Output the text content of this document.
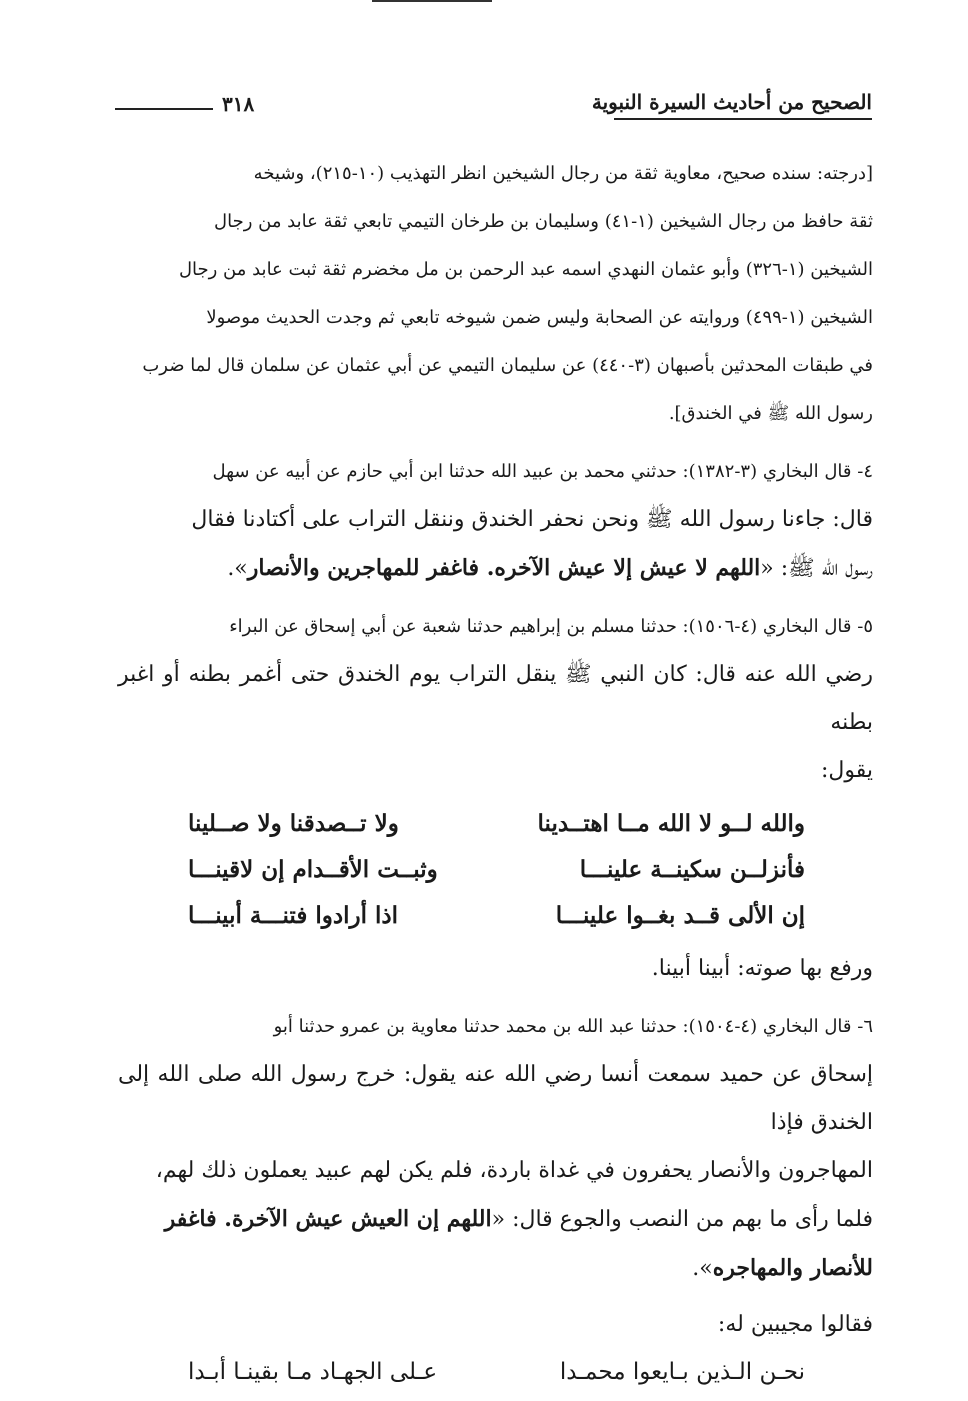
الصحيح من أحاديث السيرة النبوية
٣١٨

[درجته: سنده صحيح، معاوية ثقة من رجال الشيخين انظر التهذيب (١٠-٢١٥)، وشيخه

ثقة حافظ من رجال الشيخين (١-٤١) وسليمان بن طرخان التيمي تابعي ثقة عابد من رجال

الشيخين (١-٣٢٦) وأبو عثمان النهدي اسمه عبد الرحمن بن مل مخضرم ثقة ثبت عابد من رجال

الشيخين (١-٤٩٩) وروايته عن الصحابة وليس ضمن شيوخه تابعي ثم وجدت الحديث موصولا

في طبقات المحدثين بأصبهان (٣-٤٤٠) عن سليمان التيمي عن أبي عثمان عن سلمان قال لما ضرب

رسول الله ﷺ في الخندق].

٤- قال البخاري (٣-١٣٨٢): حدثني محمد بن عبيد الله حدثنا ابن أبي حازم عن أبيه عن سهل

قال: جاءنا رسول الله ﷺ ونحن نحفر الخندق وننقل التراب على أكتادنا فقال

رسول الله ﷺ: «اللهم لا عيش إلا عيش الآخره. فاغفر للمهاجرين والأنصار».

٥- قال البخاري (٤-١٥٠٦): حدثنا مسلم بن إبراهيم حدثنا شعبة عن أبي إسحاق عن البراء

رضي الله عنه قال: كان النبي ﷺ ينقل التراب يوم الخندق حتى أغمر بطنه أو اغبر بطنه

يقول:

والله لــو لا الله مــا اهتــدينا
ولا تــصدقنا ولا صــلينا
فأنزلــن سكينــة علينـــا
وثبــت الأقــدام إن لاقينـــا
إن الألى قــد بغــوا علينـــا
اذا أرادوا فتنـــة أبينـــا

ورفع بها صوته: أبينا أبينا.

٦- قال البخاري (٤-١٥٠٤): حدثنا عبد الله بن محمد حدثنا معاوية بن عمرو حدثنا أبو

إسحاق عن حميد سمعت أنسا رضي الله عنه يقول: خرج رسول الله صلى الله إلى الخندق فإذا

المهاجرون والأنصار يحفرون في غداة باردة، فلم يكن لهم عبيد يعملون ذلك لهم،

فلما رأى ما بهم من النصب والجوع قال: «اللهم إن العيش عيش الآخرة. فاغفر

للأنصار والمهاجره».

فقالوا مجيبين له:

نحـن الـذين بـايعوا محمـدا
عـلى الجهـاد مـا بقينـا أبـدا
